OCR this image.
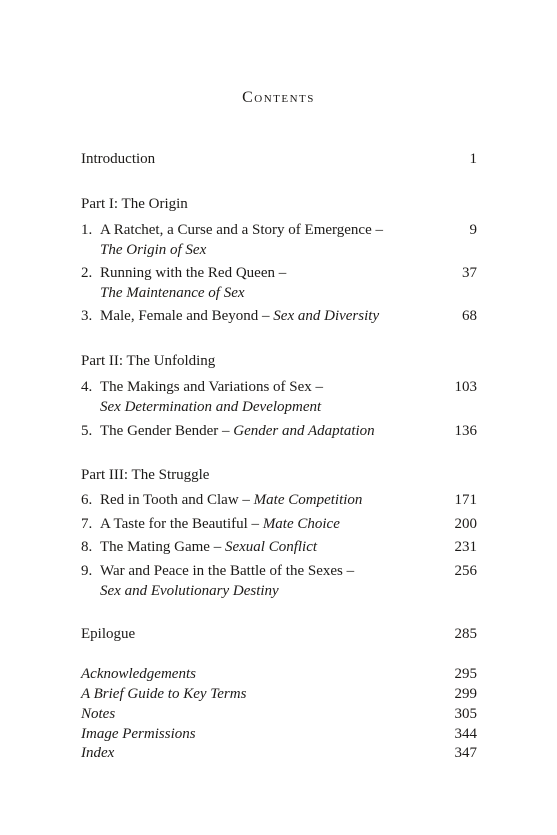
Contents
Introduction	1
Part I: The Origin
1. A Ratchet, a Curse and a Story of Emergence –	9
The Origin of Sex
2. Running with the Red Queen –	37
The Maintenance of Sex
3. Male, Female and Beyond – Sex and Diversity	68
Part II: The Unfolding
4. The Makings and Variations of Sex –	103
Sex Determination and Development
5. The Gender Bender – Gender and Adaptation	136
Part III: The Struggle
6. Red in Tooth and Claw – Mate Competition	171
7. A Taste for the Beautiful – Mate Choice	200
8. The Mating Game – Sexual Conflict	231
9. War and Peace in the Battle of the Sexes –	256
Sex and Evolutionary Destiny
Epilogue	285
Acknowledgements	295
A Brief Guide to Key Terms	299
Notes	305
Image Permissions	344
Index	347
